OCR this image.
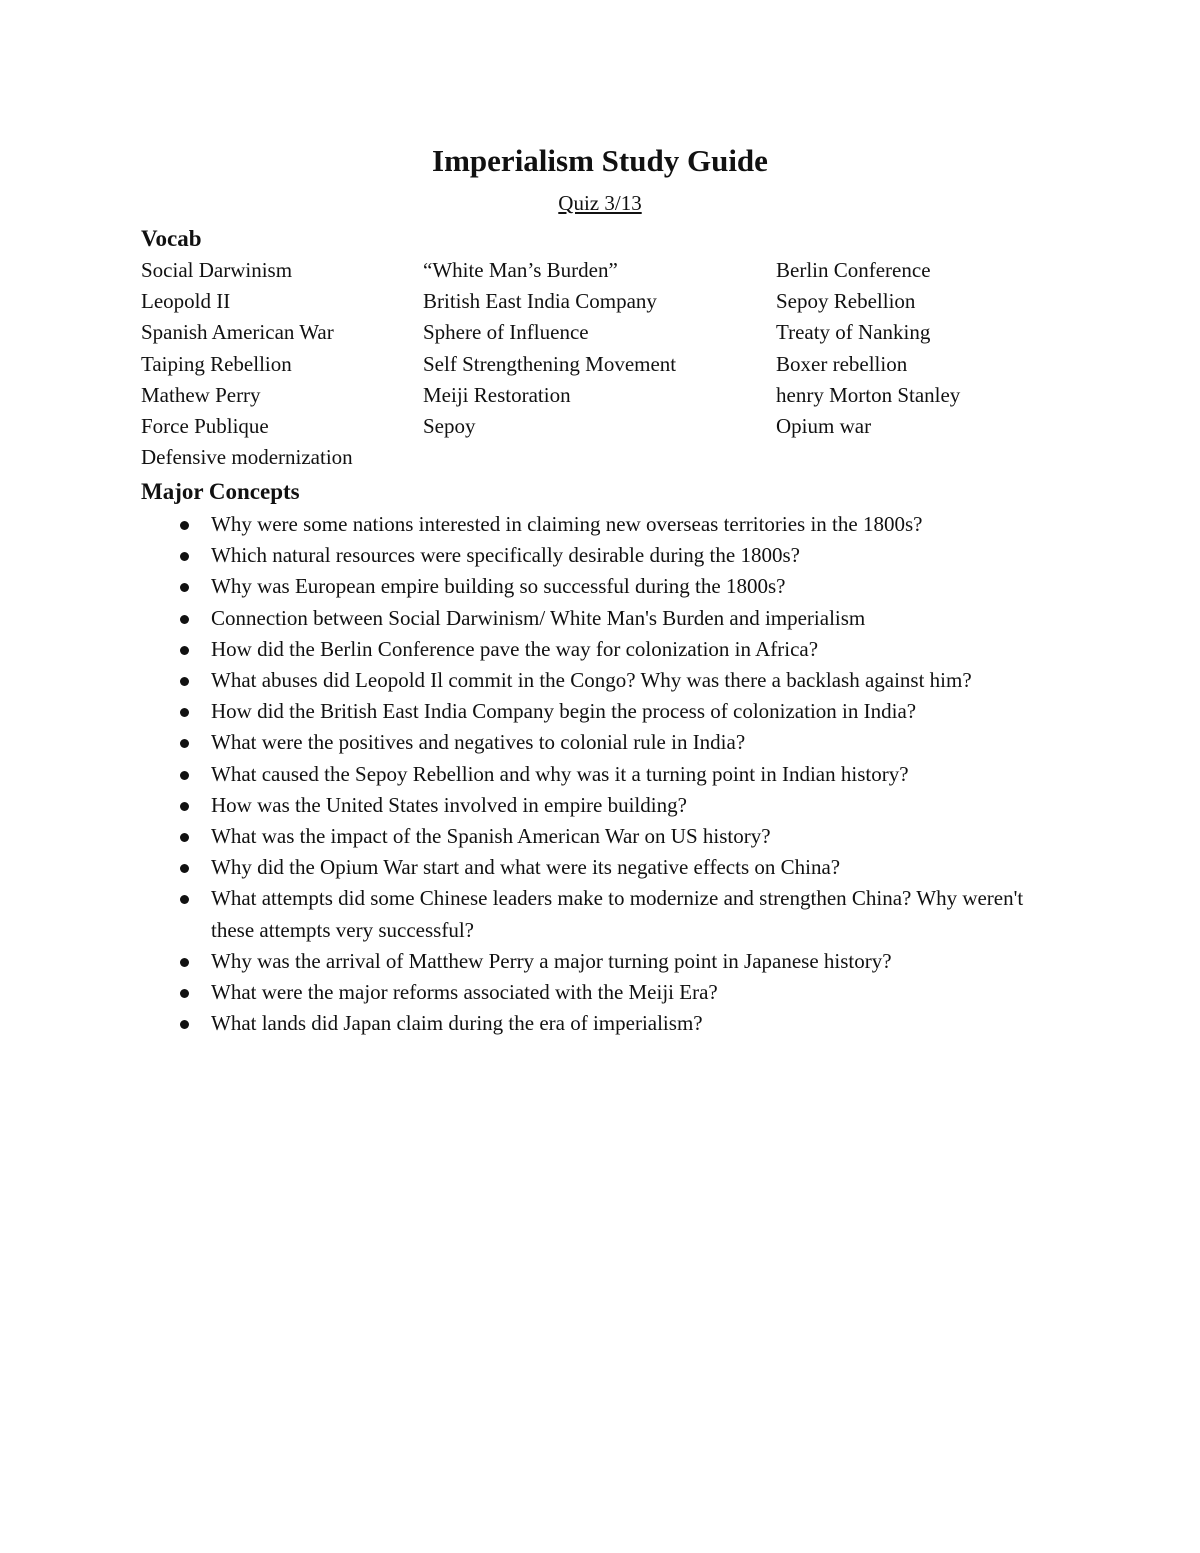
Imperialism Study Guide
Quiz 3/13
Vocab
Social Darwinism
Leopold II
Spanish American War
Taiping Rebellion
Mathew Perry
Force Publique
Defensive modernization
“White Man’s Burden”
British East India Company
Sphere of Influence
Self Strengthening Movement
Meiji Restoration
Sepoy
Berlin Conference
Sepoy Rebellion
Treaty of Nanking
Boxer rebellion
henry Morton Stanley
Opium war
Major Concepts
Why were some nations interested in claiming new overseas territories in the 1800s?
Which natural resources were specifically desirable during the 1800s?
Why was European empire building so successful during the 1800s?
Connection between Social Darwinism/ White Man's Burden and imperialism
How did the Berlin Conference pave the way for colonization in Africa?
What abuses did Leopold Il commit in the Congo? Why was there a backlash against him?
How did the British East India Company begin the process of colonization in India?
What were the positives and negatives to colonial rule in India?
What caused the Sepoy Rebellion and why was it a turning point in Indian history?
How was the United States involved in empire building?
What was the impact of the Spanish American War on US history?
Why did the Opium War start and what were its negative effects on China?
What attempts did some Chinese leaders make to modernize and strengthen China? Why weren't these attempts very successful?
Why was the arrival of Matthew Perry a major turning point in Japanese history?
What were the major reforms associated with the Meiji Era?
What lands did Japan claim during the era of imperialism?
